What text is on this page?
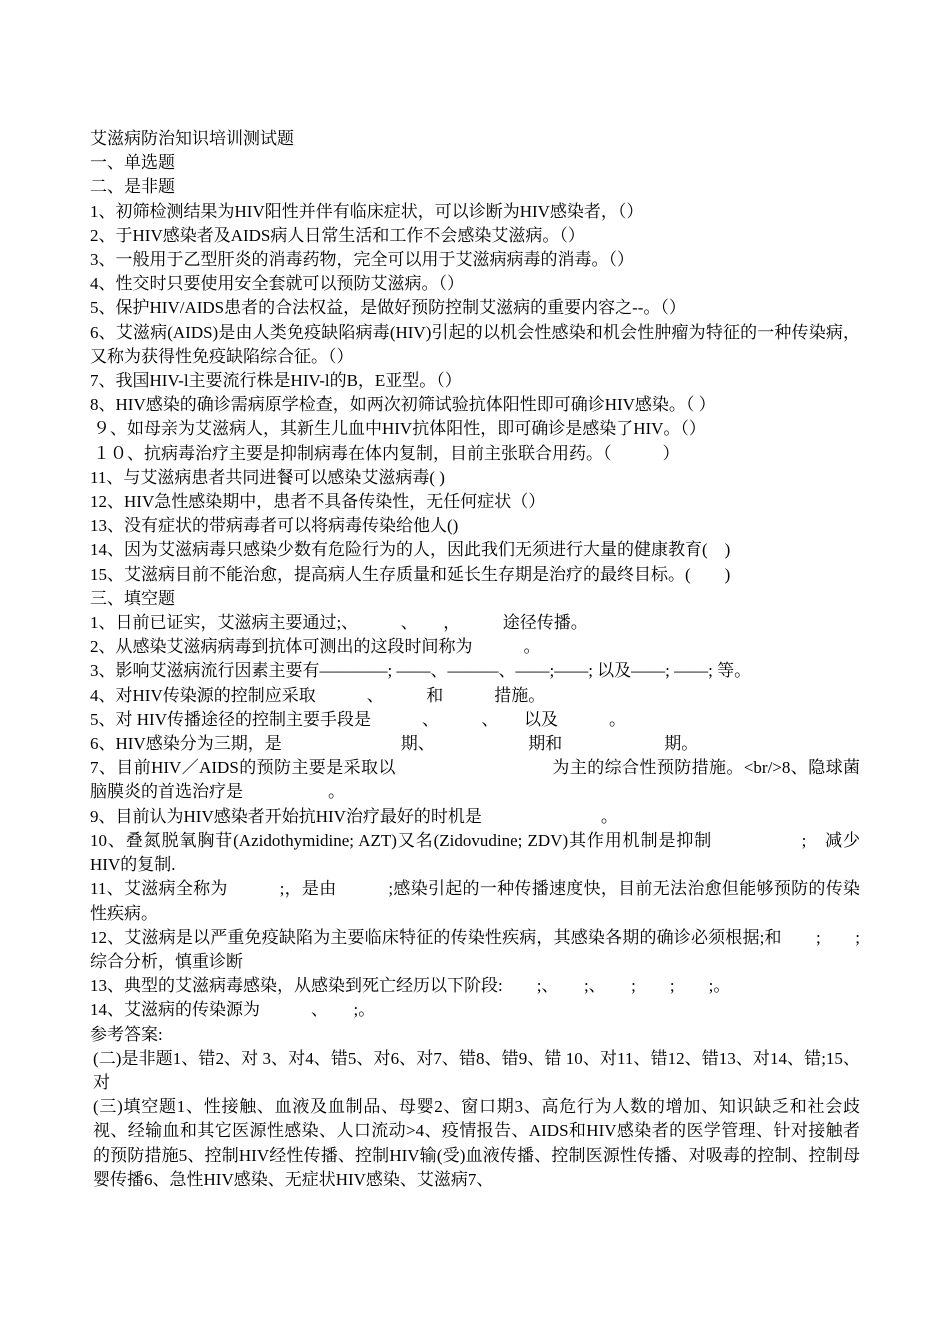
艾滋病防治知识培训测试题
一、单选题
二、是非题
1、初筛检测结果为HIV阳性并伴有临床症状，可以诊断为HIV感染者，（）
2、于HIV感染者及AIDS病人日常生活和工作不会感染艾滋病。（）
3、一般用于乙型肝炎的消毒药物，完全可以用于艾滋病病毒的消毒。（）
4、性交时只要使用安全套就可以预防艾滋病。（）
5、保护HIV/AIDS患者的合法权益，是做好预防控制艾滋病的重要内容之--。（）
6、艾滋病(AIDS)是由人类免疫缺陷病毒(HIV)引起的以机会性感染和机会性肿瘤为特征的一种传染病，又称为获得性免疫缺陷综合征。（）
7、我国HIV-l主要流行株是HIV-l的B，E亚型。（）
8、HIV感染的确诊需病原学检查，如两次初筛试验抗体阳性即可确诊HIV感染。（ ）
９、如母亲为艾滋病人，其新生儿血中HIV抗体阳性，即可确诊是感染了HIV。（）
１０、抗病毒治疗主要是抑制病毒在体内复制，目前主张联合用药。（　　　）
11、与艾滋病患者共同进餐可以感染艾滋病毒( )
12、HIV急性感染期中，患者不具备传染性，无任何症状（）
13、没有症状的带病毒者可以将病毒传染给他人()
14、因为艾滋病毒只感染少数有危险行为的人，因此我们无须进行大量的健康教育(　)
15、艾滋病目前不能治愈，提高病人生存质量和延长生存期是治疗的最终目标。(　　)
三、填空题
1、日前已证实，艾滋病主要通过;、　　　、　　，　　　途径传播。
2、从感染艾滋病病毒到抗体可测出的这段时间称为　　　。
3、影响艾滋病流行因素主要有————; ——、———、——;——; 以及——; ——; 等。
4、对HIV传染源的控制应采取　　　、　　　和　　　措施。
5、对 HIV传播途径的控制主要手段是　　　、　　　、　　以及　　　。
6、HIV感染分为三期，是　　　　　　　期、　　　　　　期和　　　　　　期。
7、目前HIV／AIDS的预防主要是采取以　　　　　　　　　为主的综合性预防措施。<br/>8、隐球菌脑膜炎的首选治疗是　　　　　。
9、目前认为HIV感染者开始抗HIV治疗最好的时机是　　　　　　　。
10、叠氮脱氧胸苷(Azidothymidine; AZT)又名(Zidovudine; ZDV)其作用机制是抑制　　　　　;　减少HIV的复制.
11、艾滋病全称为　　　;，是由　　　;感染引起的一种传播速度快，目前无法治愈但能够预防的传染性疾病。
12、艾滋病是以严重免疫缺陷为主要临床特征的传染性疾病，其感染各期的确诊必须根据;和　　;　　;综合分析，慎重诊断
13、典型的艾滋病毒感染，从感染到死亡经历以下阶段:　　;、　　;、　　;　　;　　;。
14、艾滋病的传染源为　　　、　　;。
参考答案:
(二)是非题1、错2、对 3、对4、错5、对6、对7、错8、错9、错 10、对11、错12、错13、对14、错;15、对
(三)填空题1、性接触、血液及血制品、母婴2、窗口期3、高危行为人数的增加、知识缺乏和社会歧视、经输血和其它医源性感染、人口流动>4、疫情报告、AIDS和HIV感染者的医学管理、针对接触者的预防措施5、控制HIV经性传播、控制HIV输(受)血液传播、控制医源性传播、对吸毒的控制、控制母婴传播6、急性HIV感染、无症状HIV感染、艾滋病7、
